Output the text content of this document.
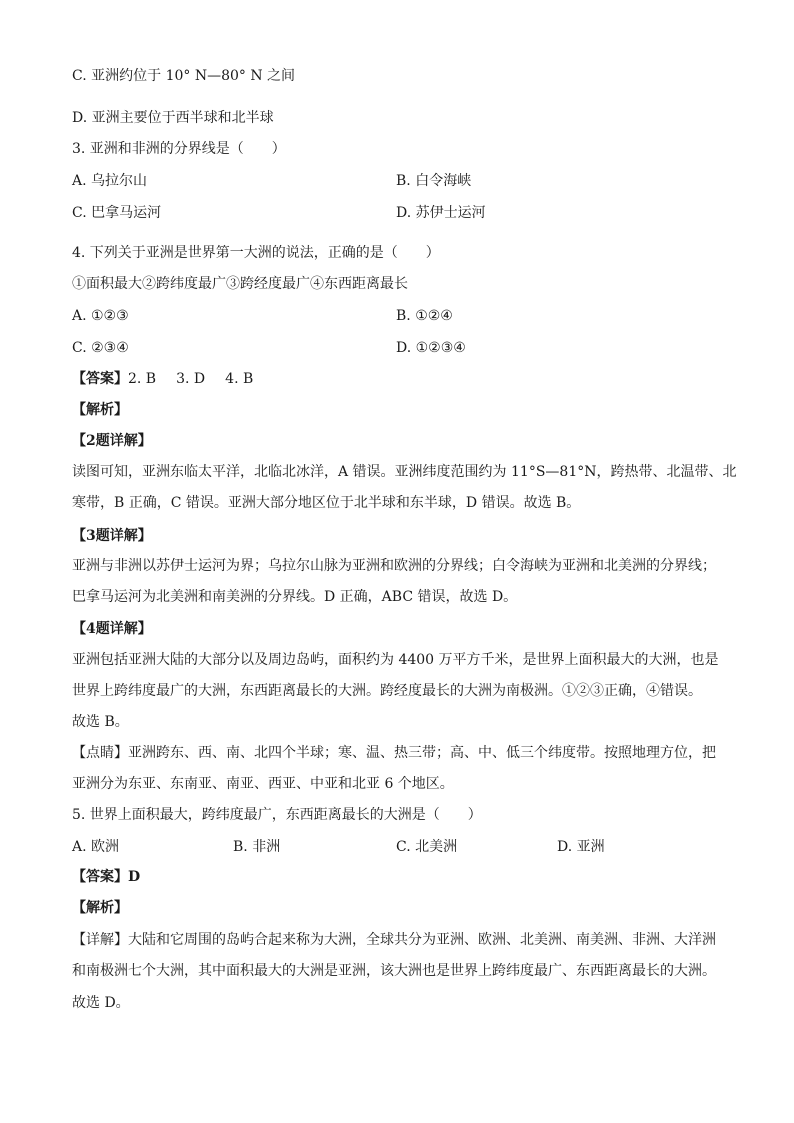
C. 亚洲约位于 10° N—80° N 之间
D. 亚洲主要位于西半球和北半球
3. 亚洲和非洲的分界线是（　　）
A. 乌拉尔山	B. 白令海峡
C. 巴拿马运河	D. 苏伊士运河
4. 下列关于亚洲是世界第一大洲的说法，正确的是（　　）
①面积最大②跨纬度最广③跨经度最广④东西距离最长
A. ①②③	B. ①②④
C. ②③④	D. ①②③④
【答案】2. B 3. D 4. B
【解析】
【2题详解】
读图可知，亚洲东临太平洋，北临北冰洋，A 错误。亚洲纬度范围约为 11°S—81°N，跨热带、北温带、北
寒带，B 正确，C 错误。亚洲大部分地区位于北半球和东半球，D 错误。故选 B。
【3题详解】
亚洲与非洲以苏伊士运河为界；乌拉尔山脉为亚洲和欧洲的分界线；白令海峡为亚洲和北美洲的分界线；
巴拿马运河为北美洲和南美洲的分界线。D 正确，ABC 错误，故选 D。
【4题详解】
亚洲包括亚洲大陆的大部分以及周边岛屿，面积约为 4400 万平方千米，是世界上面积最大的大洲，也是
世界上跨纬度最广的大洲，东西距离最长的大洲。跨经度最长的大洲为南极洲。①②③正确，④错误。
故选 B。
【点睛】亚洲跨东、西、南、北四个半球；寒、温、热三带；高、中、低三个纬度带。按照地理方位，把
亚洲分为东亚、东南亚、南亚、西亚、中亚和北亚 6 个地区。
5. 世界上面积最大，跨纬度最广，东西距离最长的大洲是（　　）
A. 欧洲	B. 非洲	C. 北美洲	D. 亚洲
【答案】D
【解析】
【详解】大陆和它周围的岛屿合起来称为大洲，全球共分为亚洲、欧洲、北美洲、南美洲、非洲、大洋洲
和南极洲七个大洲，其中面积最大的大洲是亚洲，该大洲也是世界上跨纬度最广、东西距离最长的大洲。
故选 D。
